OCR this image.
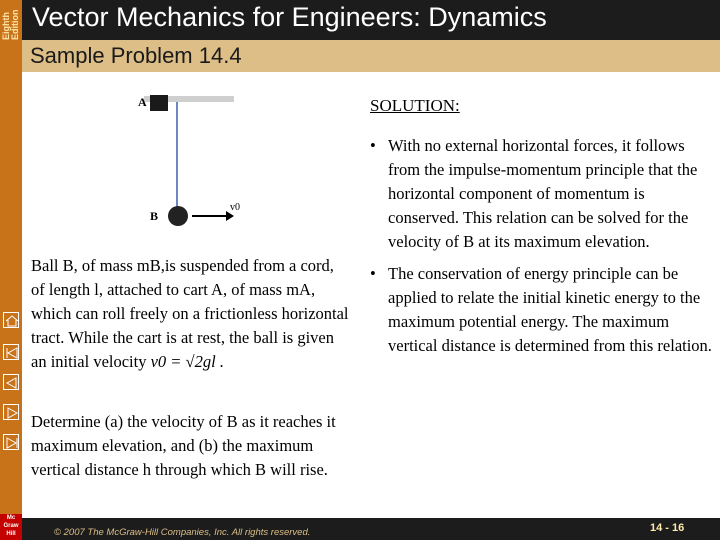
Eighth Edition
Mc Graw Hill
Vector Mechanics for Engineers: Dynamics
Sample Problem 14.4
A
B
v0
SOLUTION:
• With no external horizontal forces, it follows from the impulse-momentum principle that the horizontal component of momentum is conserved. This relation can be solved for the velocity of B at its maximum elevation.
• The conservation of energy principle can be applied to relate the initial kinetic energy to the maximum potential energy. The maximum vertical distance is determined from this relation.
Ball B, of mass mB,is suspended from a cord, of length l, attached to cart A, of mass mA, which can roll freely on a frictionless horizontal tract. While the cart is at rest, the ball is given an initial velocity v0 = √2gl .
Determine (a) the velocity of B as it reaches it maximum elevation, and (b) the maximum vertical distance h through which B will rise.
© 2007 The McGraw-Hill Companies, Inc. All rights reserved.	14 - 16
